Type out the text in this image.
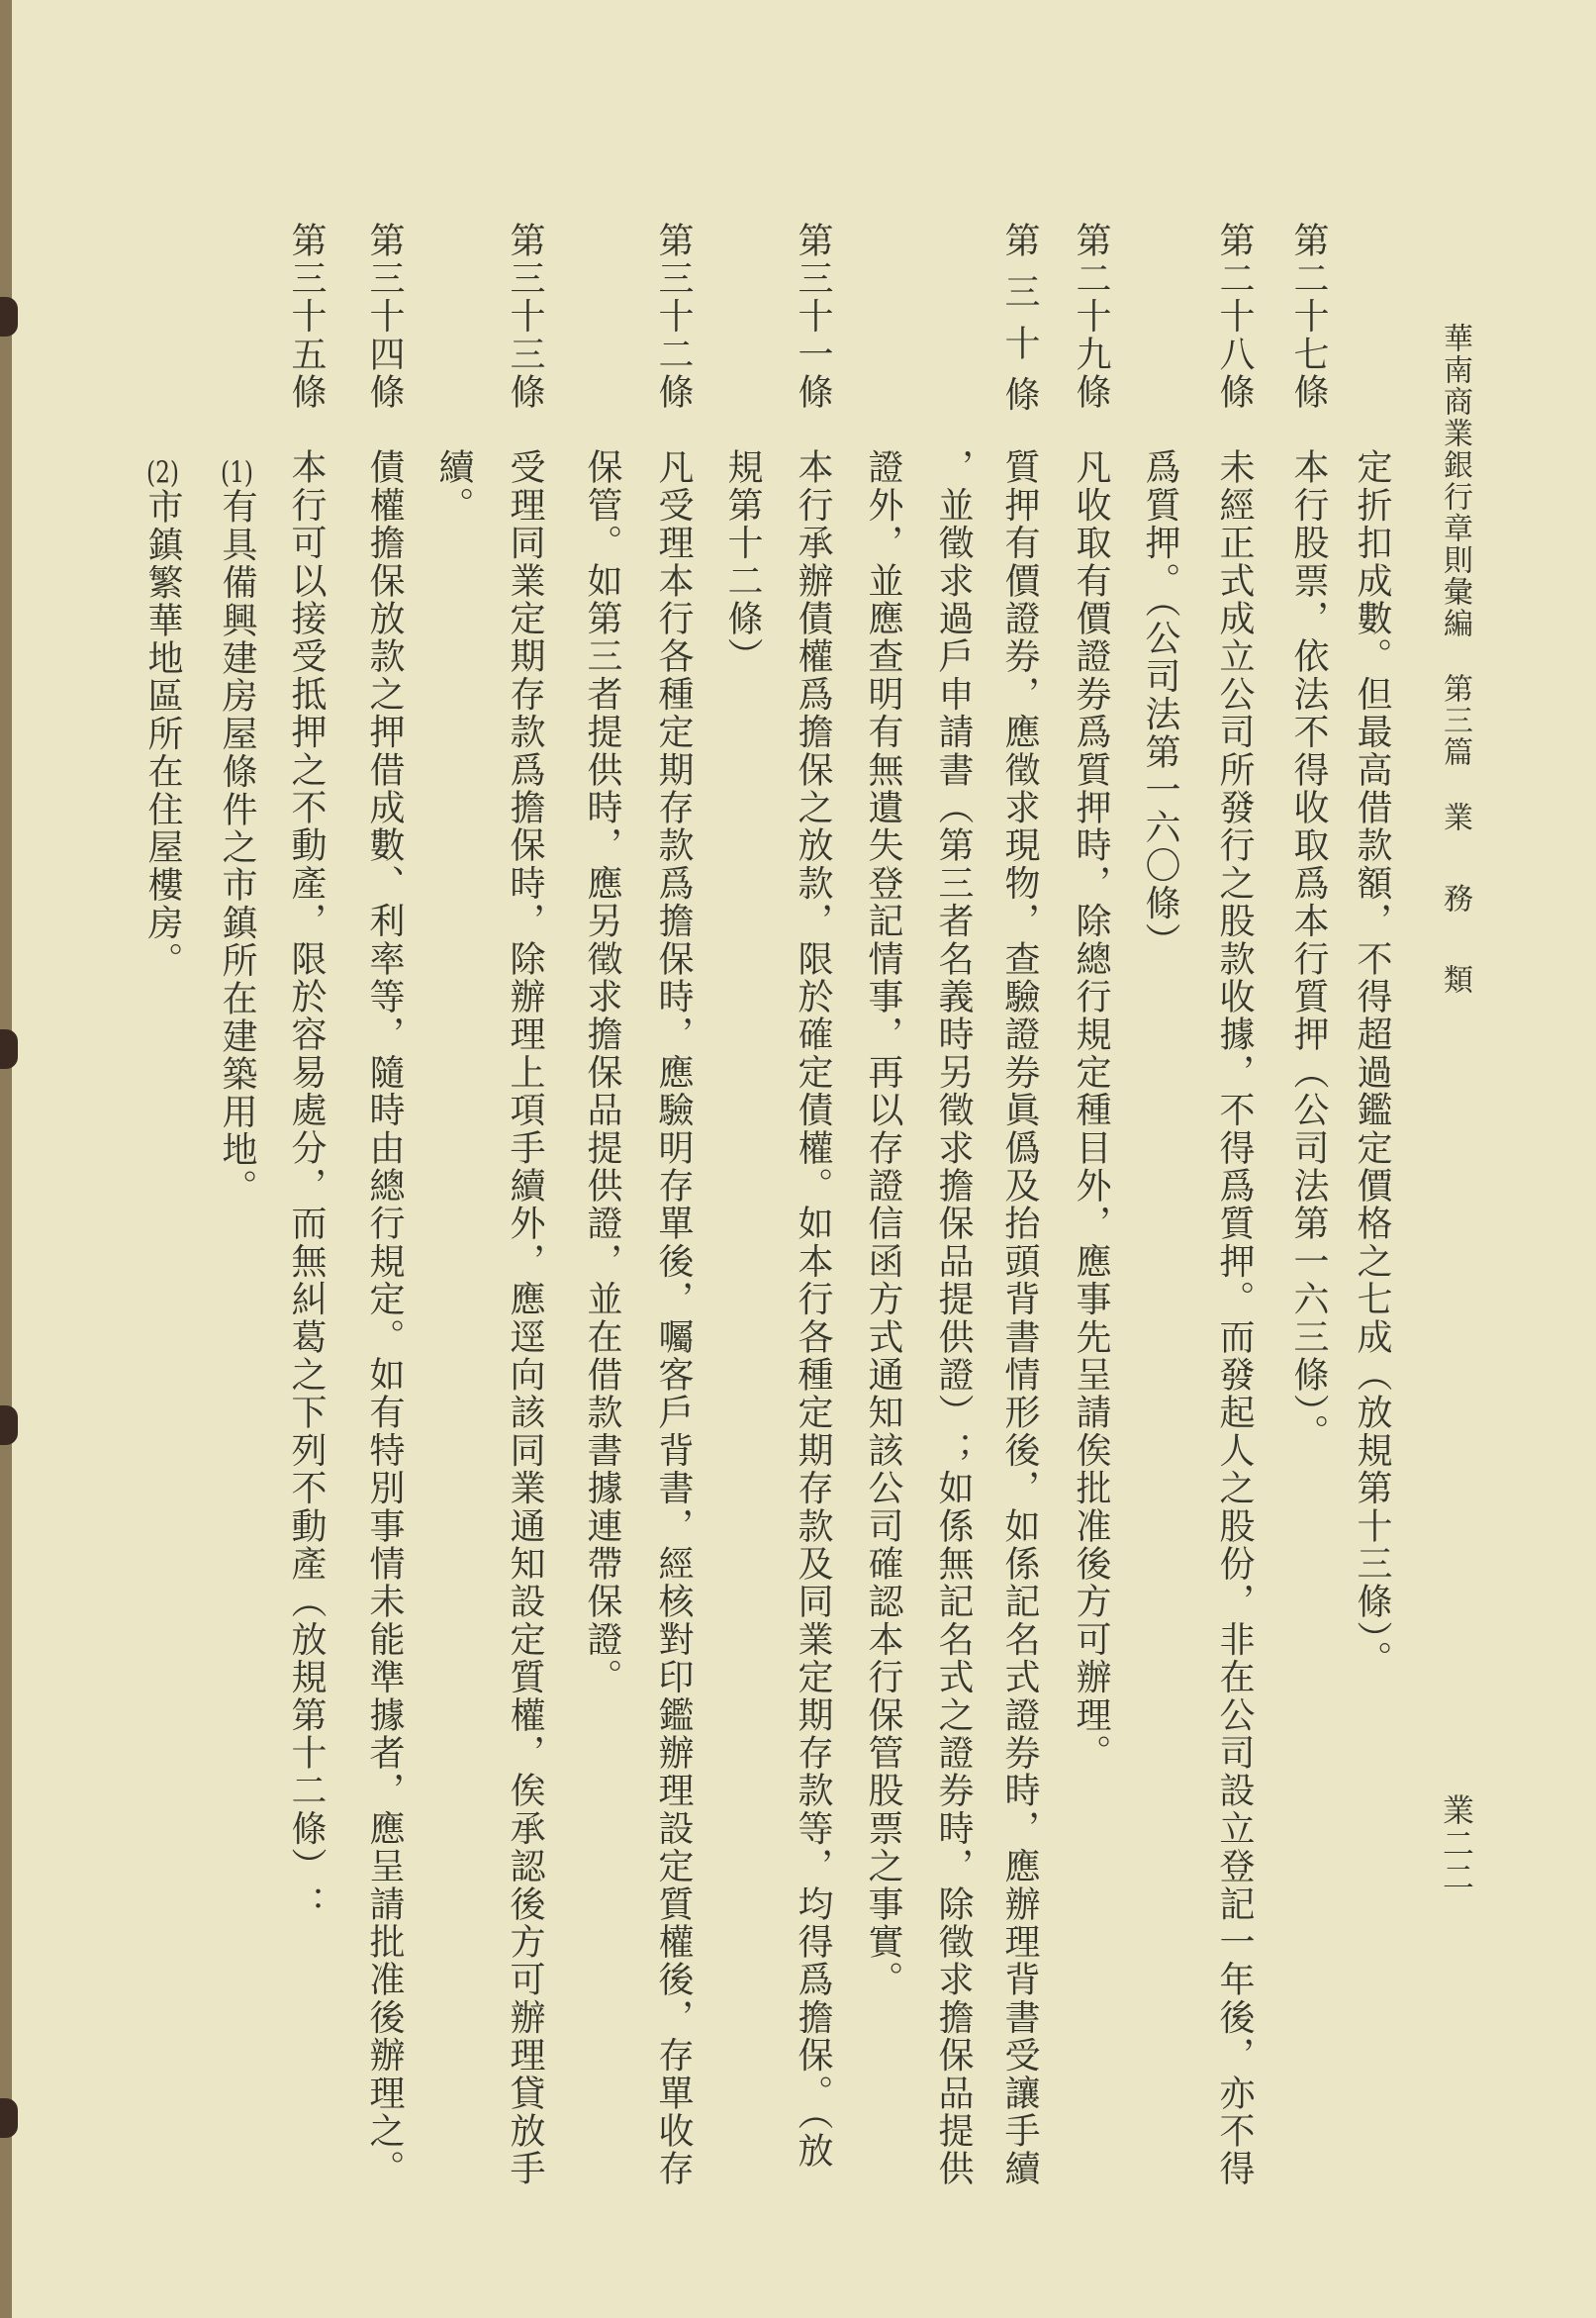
華南商業銀行章則彙編第三篇業務類
業二二
定折扣成數。但最高借款額，不得超過鑑定價格之七成（放規第十三條）。
第二十七條
本行股票，依法不得收取爲本行質押（公司法第一六三條）。
第二十八條
未經正式成立公司所發行之股款收據，不得爲質押。而發起人之股份，非在公司設立登記一年後，亦不得
爲質押。（公司法第一六〇條）
第二十九條
凡收取有價證券爲質押時，除總行規定種目外，應事先呈請俟批准後方可辦理。
第 三 十 條
質押有價證券，應徵求現物，查驗證券眞僞及抬頭背書情形後，如係記名式證券時，應辦理背書受讓手續
，並徵求過戶申請書（第三者名義時另徵求擔保品提供證）；如係無記名式之證券時，除徵求擔保品提供
證外，並應查明有無遺失登記情事，再以存證信函方式通知該公司確認本行保管股票之事實。
第三十一條
本行承辦債權爲擔保之放款，限於確定債權。如本行各種定期存款及同業定期存款等，均得爲擔保。（放
規第十二條）
第三十二條
凡受理本行各種定期存款爲擔保時，應驗明存單後，囑客戶背書，經核對印鑑辦理設定質權後，存單收存
保管。如第三者提供時，應另徵求擔保品提供證，並在借款書據連帶保證。
第三十三條
受理同業定期存款爲擔保時，除辦理上項手續外，應逕向該同業通知設定質權，俟承認後方可辦理貸放手
續。
第三十四條
債權擔保放款之押借成數、利率等，隨時由總行規定。如有特別事情未能準據者，應呈請批准後辦理之。
第三十五條
本行可以接受抵押之不動產，限於容易處分，而無糾葛之下列不動產（放規第十二條）：
(1)有具備興建房屋條件之市鎮所在建築用地。
(2)市鎮繁華地區所在住屋樓房。
